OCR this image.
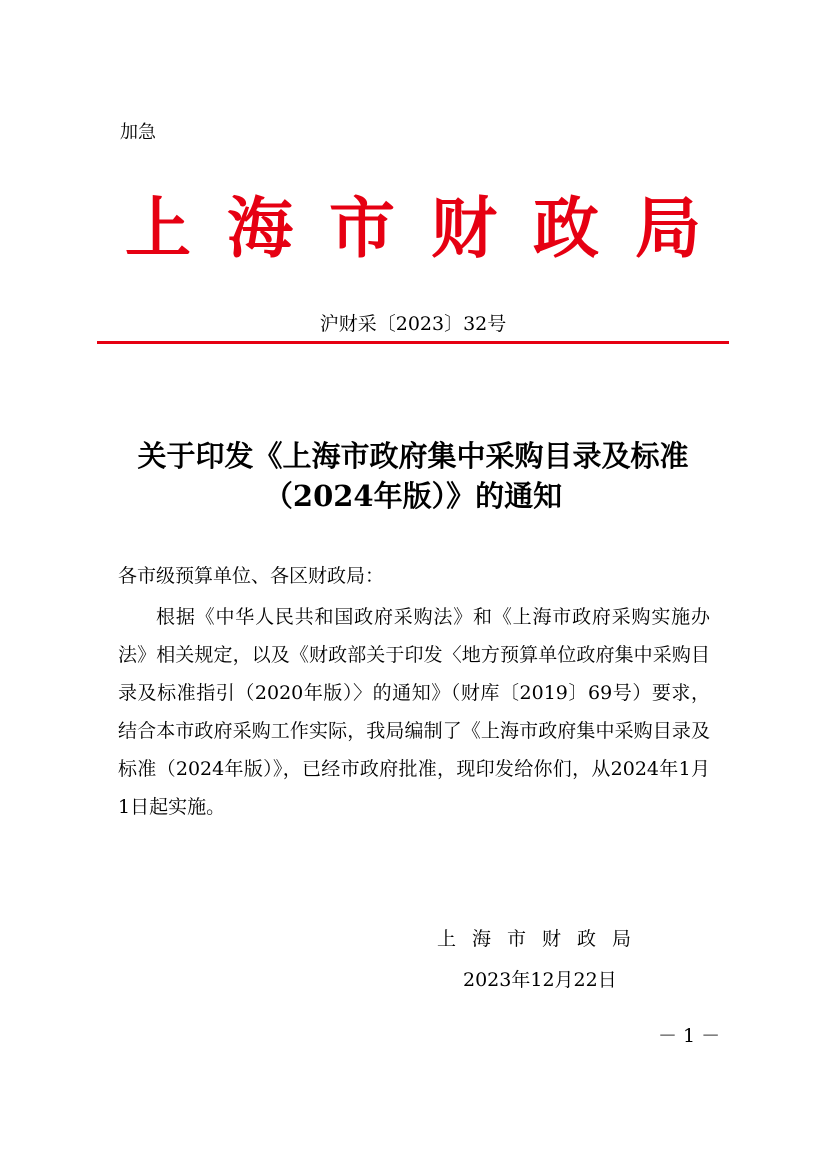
加急
上海市财政局
沪财采〔2023〕32号
关于印发《上海市政府集中采购目录及标准
（2024年版）》的通知
各市级预算单位、各区财政局：
根据《中华人民共和国政府采购法》和《上海市政府采购实施办法》相关规定，以及《财政部关于印发〈地方预算单位政府集中采购目录及标准指引（2020年版）〉的通知》（财库〔2019〕69号）要求，结合本市政府采购工作实际，我局编制了《上海市政府集中采购目录及标准（2024年版）》，已经市政府批准，现印发给你们，从2024年1月1日起实施。
上海市财政局
2023年12月22日
－ 1 －
